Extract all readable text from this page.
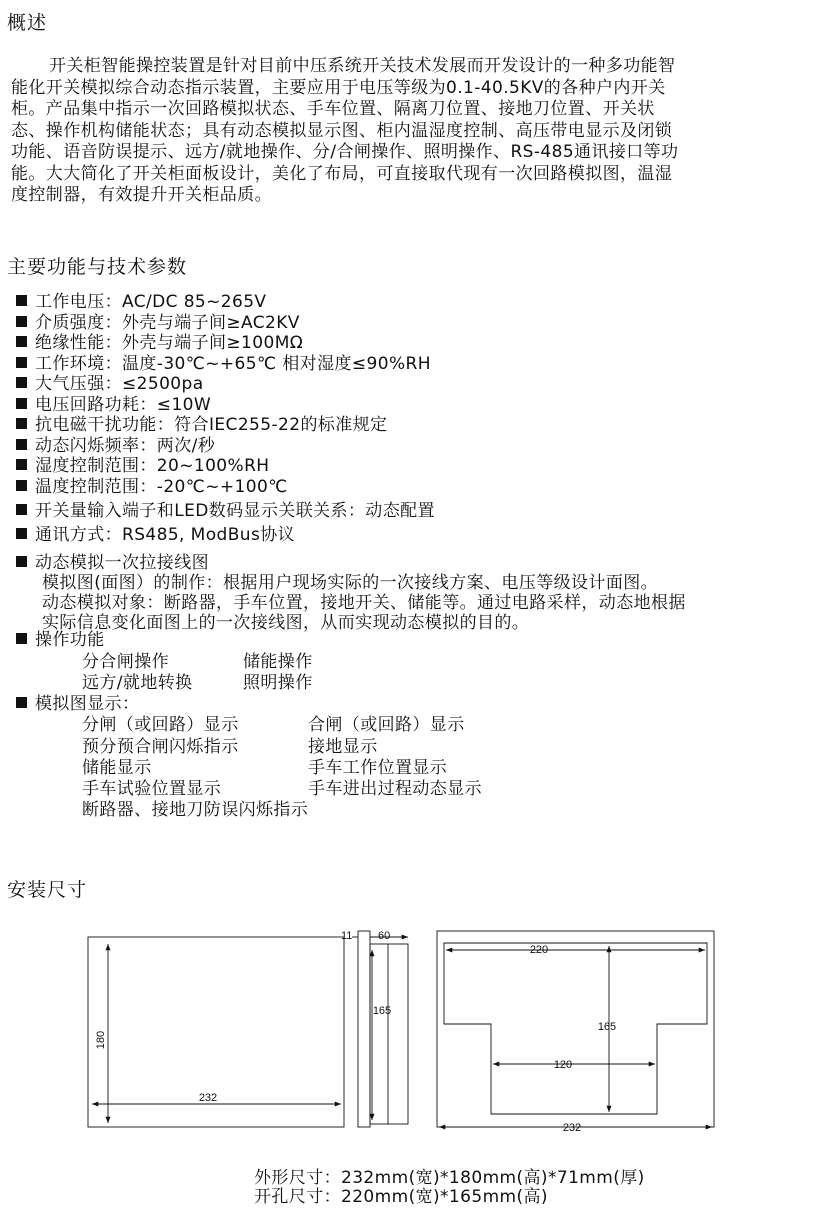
概述
开关柜智能操控装置是针对目前中压系统开关技术发展而开发设计的一种多功能智
能化开关模拟综合动态指示装置，主要应用于电压等级为0.1-40.5KV的各种户内开关
柜。产品集中指示一次回路模拟状态、手车位置、隔离刀位置、接地刀位置、开关状
态、操作机构储能状态；具有动态模拟显示图、柜内温湿度控制、高压带电显示及闭锁
功能、语音防误提示、远方/就地操作、分/合闸操作、照明操作、RS-485通讯接口等功
能。大大简化了开关柜面板设计，美化了布局，可直接取代现有一次回路模拟图，温湿
度控制器，有效提升开关柜品质。
主要功能与技术参数
工作电压：AC/DC 85~265V
介质强度：外壳与端子间≥AC2KV
绝缘性能：外壳与端子间≥100MΩ
工作环境：温度-30℃~+65℃ 相对湿度≤90%RH
大气压强：≤2500pa
电压回路功耗：≤10W
抗电磁干扰功能：符合IEC255-22的标准规定
动态闪烁频率：两次/秒
湿度控制范围：20~100%RH
温度控制范围：-20℃~+100℃
开关量输入端子和LED数码显示关联关系：动态配置
通讯方式：RS485, ModBus协议
动态模拟一次拉接线图
模拟图(面图）的制作：根据用户现场实际的一次接线方案、电压等级设计面图。
动态模拟对象：断路器，手车位置，接地开关、储能等。通过电路采样，动态地根据
实际信息变化面图上的一次接线图，从而实现动态模拟的目的。
操作功能
分合闸操作	储能操作
远方/就地转换	照明操作
模拟图显示：
分闸（或回路）显示	合闸（或回路）显示
预分预合闸闪烁指示	接地显示
储能显示	手车工作位置显示
手车试验位置显示	手车进出过程动态显示
断路器、接地刀防误闪烁指示
安装尺寸
180
232
11 60
165
220
165
120
232
外形尺寸：232mm(宽)*180mm(高)*71mm(厚)
开孔尺寸：220mm(宽)*165mm(高)
